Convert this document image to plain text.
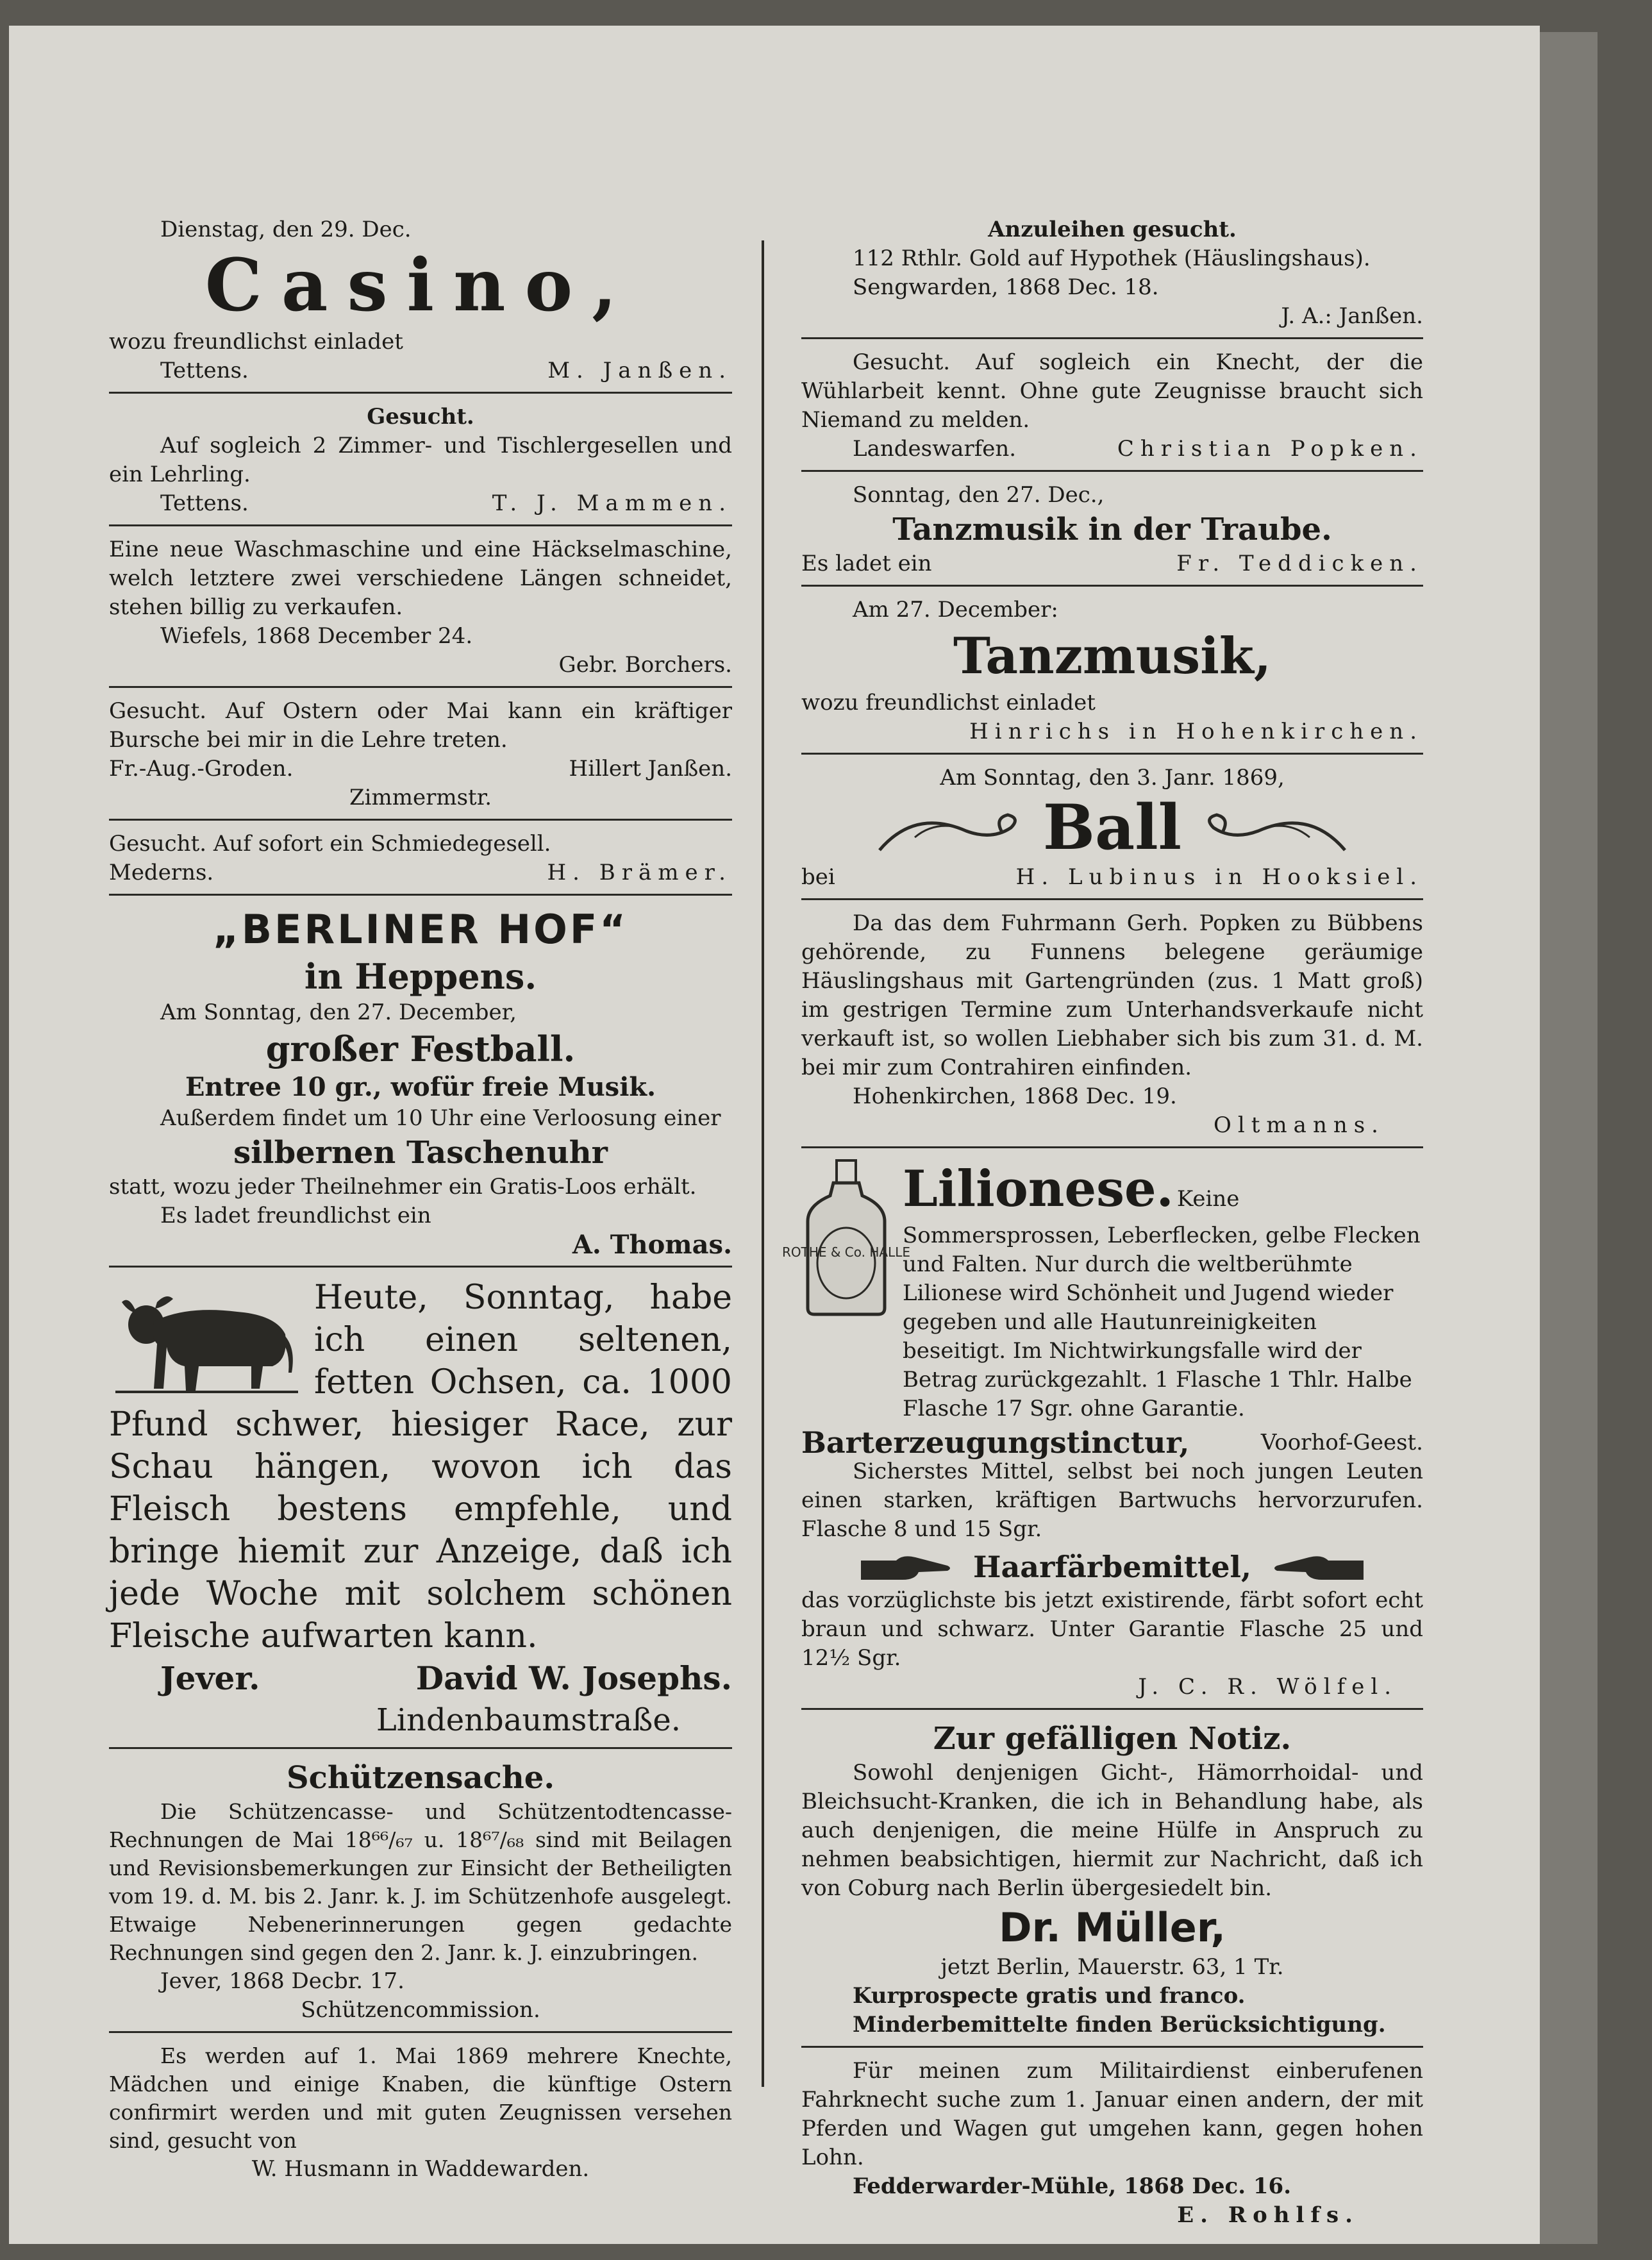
Dienstag, den 29. Dec.

Casino,

wozu freundlichst einladet

Tettens.	M. Janßen.

Gesucht.

Auf sogleich 2 Zimmer- und Tischlergesellen und ein Lehrling.

Tettens.	T. J. Mammen.

Eine neue Waschmaschine und eine Häckselmaschine, welch letztere zwei verschiedene Längen schneidet, stehen billig zu verkaufen.

Wiefels, 1868 December 24.

Gebr. Borchers.

Gesucht. Auf Ostern oder Mai kann ein kräftiger Bursche bei mir in die Lehre treten.

Fr.-Aug.-Groden.	Hillert Janßen.

Zimmermstr.

Gesucht. Auf sofort ein Schmiedegesell.

Mederns.	H. Brämer.
„BERLINER HOF“
in Heppens.

Am Sonntag, den 27. December,

großer Festball.

Entree 10 gr., wofür freie Musik.

Außerdem findet um 10 Uhr eine Verloosung einer

silbernen Taschenuhr

statt, wozu jeder Theilnehmer ein Gratis-Loos erhält.

Es ladet freundlichst ein

A. Thomas.

Heute, Sonntag, habe ich einen seltenen, fetten Ochsen, ca. 1000 Pfund schwer, hiesiger Race, zur Schau hängen, wovon ich das Fleisch bestens empfehle, und bringe hiemit zur Anzeige, daß ich jede Woche mit solchem schönen Fleische aufwarten kann.
Jever.	David W. Josephs.

Lindenbaumstraße.

Schützensache.

Die Schützencasse- und Schützentodtencasse-Rechnungen de Mai 18⁶⁶/₆₇ u. 18⁶⁷/₆₈ sind mit Beilagen und Revisionsbemerkungen zur Einsicht der Betheiligten vom 19. d. M. bis 2. Janr. k. J. im Schützenhofe ausgelegt. Etwaige Nebenerinnerungen gegen gedachte Rechnungen sind gegen den 2. Janr. k. J. einzubringen.

Jever, 1868 Decbr. 17.

Schützencommission.

Es werden auf 1. Mai 1869 mehrere Knechte, Mädchen und einige Knaben, die künftige Ostern confirmirt werden und mit guten Zeugnissen versehen sind, gesucht von

W. Husmann in Waddewarden.

Anzuleihen gesucht.

112 Rthlr. Gold auf Hypothek (Häuslingshaus).

Sengwarden, 1868 Dec. 18.

J. A.: Janßen.

Gesucht. Auf sogleich ein Knecht, der die Wühlarbeit kennt. Ohne gute Zeugnisse braucht sich Niemand zu melden.

Landeswarfen.	Christian Popken.

Sonntag, den 27. Dec.,

Tanzmusik in der Traube.
Es ladet ein	Fr. Teddicken.

Am 27. December:

Tanzmusik,

wozu freundlichst einladet

Hinrichs in Hohenkirchen.

Am Sonntag, den 3. Janr. 1869,

Ball
bei	H. Lubinus in Hooksiel.

Da das dem Fuhrmann Gerh. Popken zu Bübbens gehörende, zu Funnens belegene geräumige Häuslingshaus mit Gartengründen (zus. 1 Matt groß) im gestrigen Termine zum Unterhandsverkaufe nicht verkauft ist, so wollen Liebhaber sich bis zum 31. d. M. bei mir zum Contrahiren einfinden.

Hohenkirchen, 1868 Dec. 19.

Oltmanns.

ROTHE & Co. HALLE
Lilionese. Keine Sommersprossen, Leberflecken, gelbe Flecken und Falten. Nur durch die weltberühmte Lilionese wird Schönheit und Jugend wieder gegeben und alle Hautunreinigkeiten beseitigt. Im Nichtwirkungsfalle wird der Betrag zurückgezahlt. 1 Flasche 1 Thlr. Halbe Flasche 17 Sgr. ohne Garantie.

Barterzeugungstinctur,	Voorhof-Geest.

Sicherstes Mittel, selbst bei noch jungen Leuten einen starken, kräftigen Bartwuchs hervorzurufen. Flasche 8 und 15 Sgr.

Haarfärbemittel,

das vorzüglichste bis jetzt existirende, färbt sofort echt braun und schwarz. Unter Garantie Flasche 25 und 12½ Sgr.

J. C. R. Wölfel.

Zur gefälligen Notiz.

Sowohl denjenigen Gicht-, Hämorrhoidal- und Bleichsucht-Kranken, die ich in Behandlung habe, als auch denjenigen, die meine Hülfe in Anspruch zu nehmen beabsichtigen, hiermit zur Nachricht, daß ich von Coburg nach Berlin übergesiedelt bin.

Dr. Müller,

jetzt Berlin, Mauerstr. 63, 1 Tr.

Kurprospecte gratis und franco.

Minderbemittelte finden Berücksichtigung.

Für meinen zum Militairdienst einberufenen Fahrknecht suche zum 1. Januar einen andern, der mit Pferden und Wagen gut umgehen kann, gegen hohen Lohn.

Fedderwarder-Mühle, 1868 Dec. 16.

E. Rohlfs.
